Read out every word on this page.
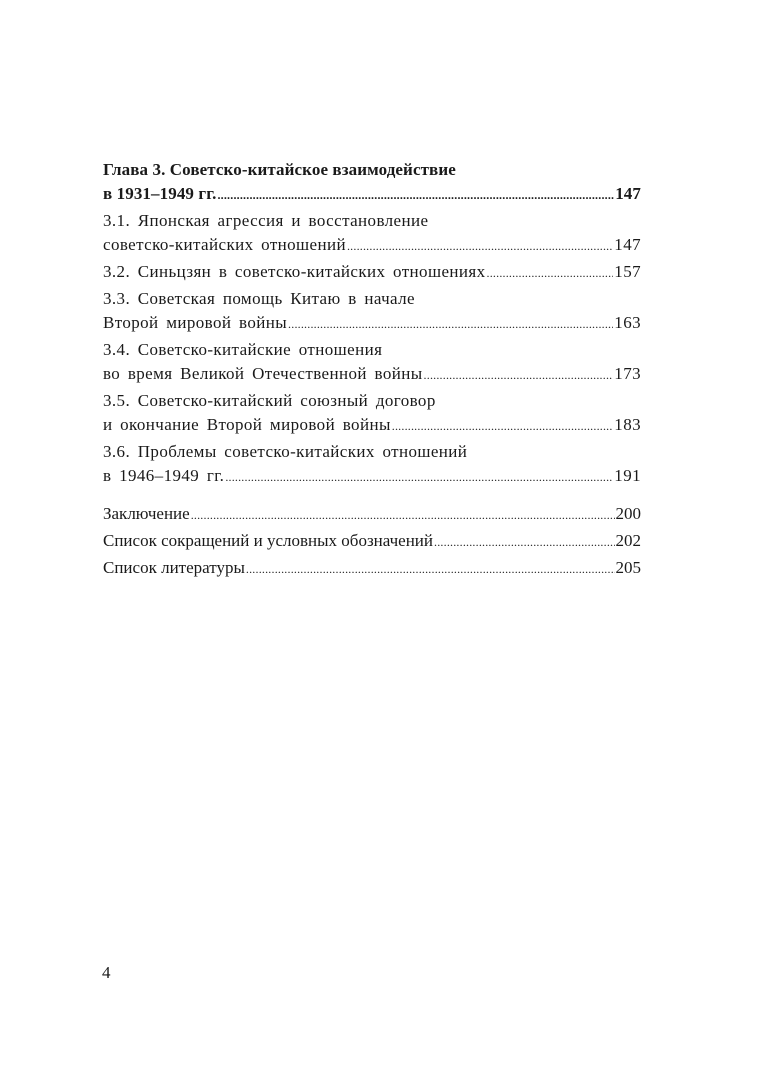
Глава 3. Советско-китайское взаимодействие
в 1931–1949 гг. .....	147
3.1. Японская агрессия и восстановление
советско-китайских отношений .....	147
3.2. Синьцзян в советско-китайских отношениях .....	157
3.3. Советская помощь Китаю в начале
Второй мировой войны .....	163
3.4. Советско-китайские отношения
во время Великой Отечественной войны .....	173
3.5. Советско-китайский союзный договор
и окончание Второй мировой войны .....	183
3.6. Проблемы советско-китайских отношений
в 1946–1949 гг. .....	191
Заключение .....	200
Список сокращений и условных обозначений .....	202
Список литературы .....	205
4
